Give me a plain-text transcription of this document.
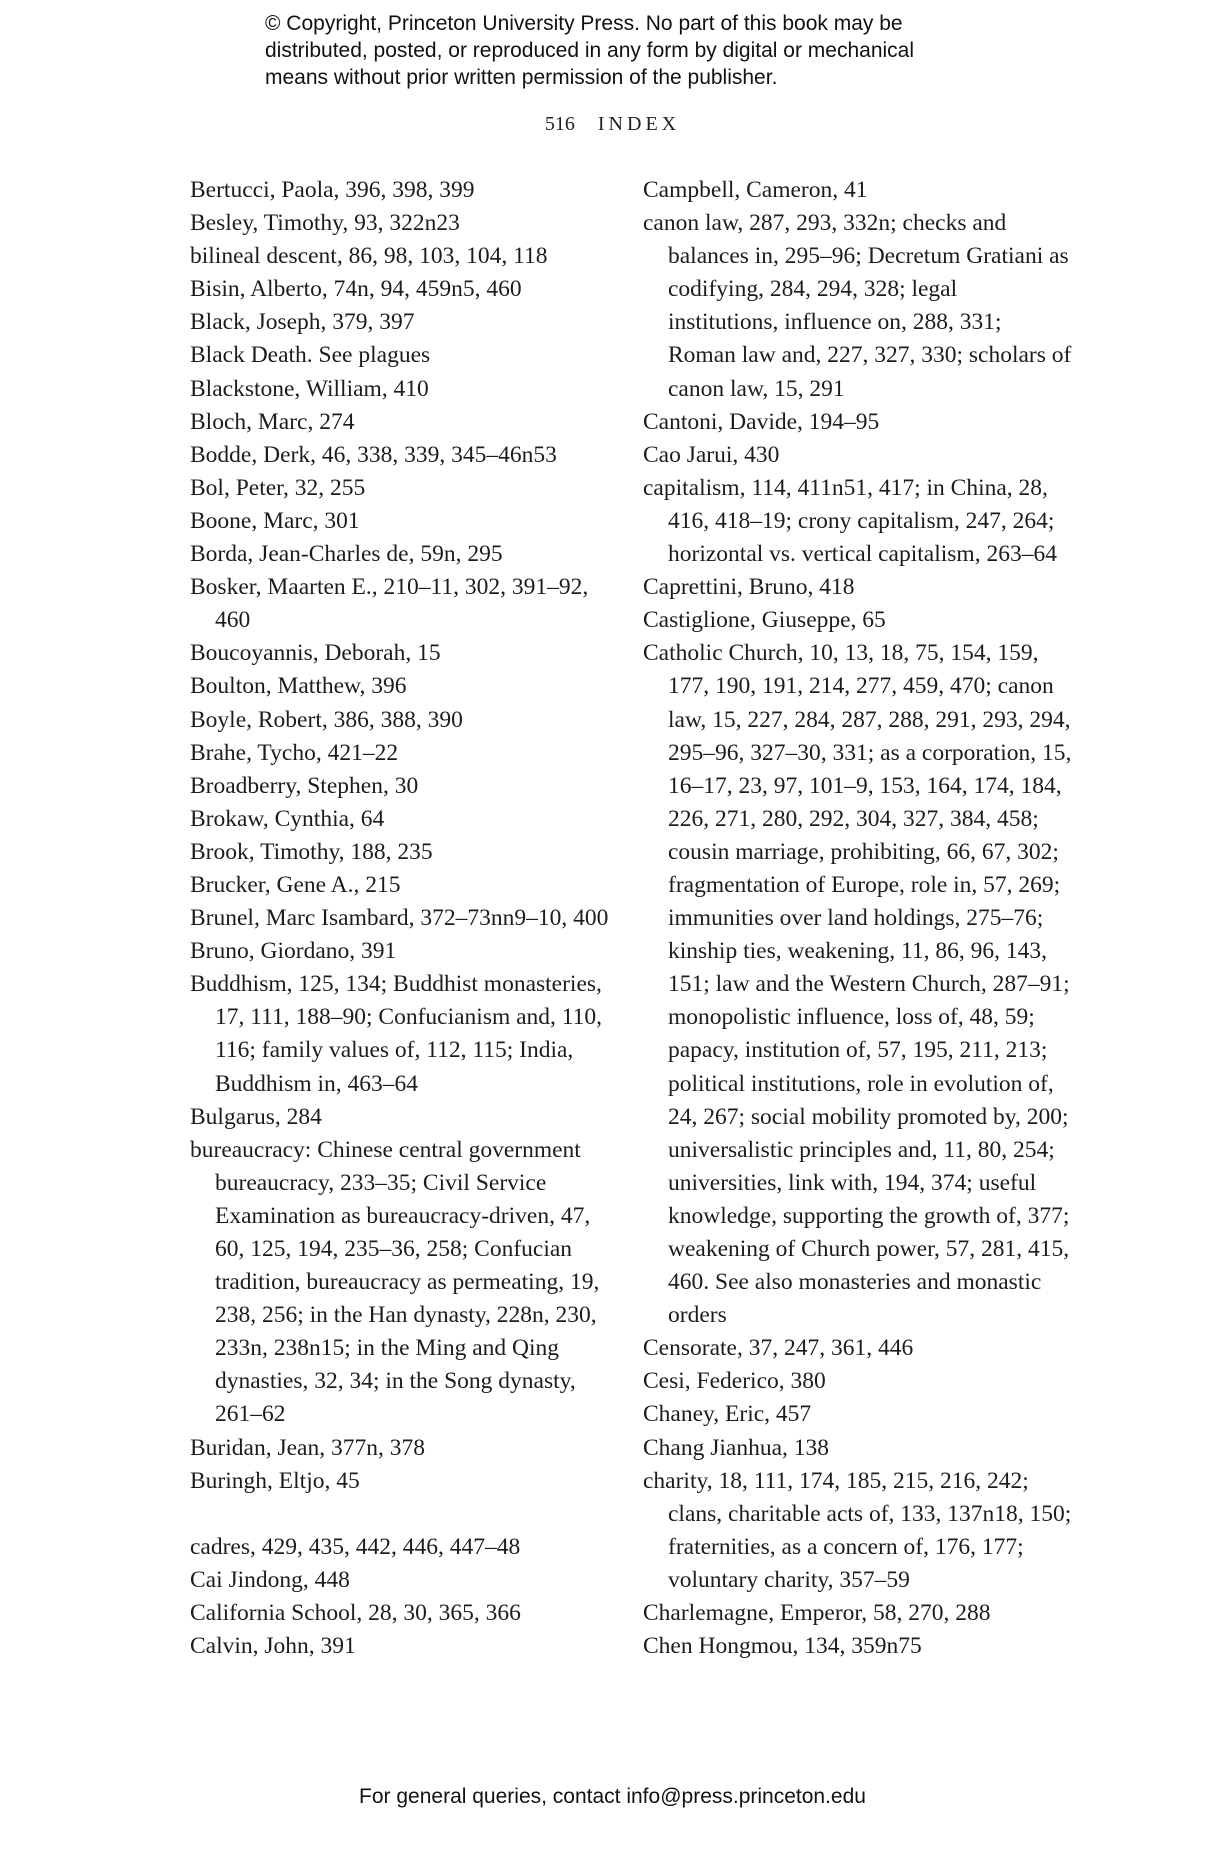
© Copyright, Princeton University Press. No part of this book may be
distributed, posted, or reproduced in any form by digital or mechanical
means without prior written permission of the publisher.
516 INDEX
Bertucci, Paola, 396, 398, 399
Besley, Timothy, 93, 322n23
bilineal descent, 86, 98, 103, 104, 118
Bisin, Alberto, 74n, 94, 459n5, 460
Black, Joseph, 379, 397
Black Death. See plagues
Blackstone, William, 410
Bloch, Marc, 274
Bodde, Derk, 46, 338, 339, 345–46n53
Bol, Peter, 32, 255
Boone, Marc, 301
Borda, Jean-Charles de, 59n, 295
Bosker, Maarten E., 210–11, 302, 391–92, 460
Boucoyannis, Deborah, 15
Boulton, Matthew, 396
Boyle, Robert, 386, 388, 390
Brahe, Tycho, 421–22
Broadberry, Stephen, 30
Brokaw, Cynthia, 64
Brook, Timothy, 188, 235
Brucker, Gene A., 215
Brunel, Marc Isambard, 372–73nn9–10, 400
Bruno, Giordano, 391
Buddhism, 125, 134; Buddhist monasteries, 17, 111, 188–90; Confucianism and, 110, 116; family values of, 112, 115; India, Buddhism in, 463–64
Bulgarus, 284
bureaucracy: Chinese central government bureaucracy, 233–35; Civil Service Examination as bureaucracy-driven, 47, 60, 125, 194, 235–36, 258; Confucian tradition, bureaucracy as permeating, 19, 238, 256; in the Han dynasty, 228n, 230, 233n, 238n15; in the Ming and Qing dynasties, 32, 34; in the Song dynasty, 261–62
Buridan, Jean, 377n, 378
Buringh, Eltjo, 45
cadres, 429, 435, 442, 446, 447–48
Cai Jindong, 448
California School, 28, 30, 365, 366
Calvin, John, 391
Campbell, Cameron, 41
canon law, 287, 293, 332n; checks and balances in, 295–96; Decretum Gratiani as codifying, 284, 294, 328; legal institutions, influence on, 288, 331; Roman law and, 227, 327, 330; scholars of canon law, 15, 291
Cantoni, Davide, 194–95
Cao Jarui, 430
capitalism, 114, 411n51, 417; in China, 28, 416, 418–19; crony capitalism, 247, 264; horizontal vs. vertical capitalism, 263–64
Caprettini, Bruno, 418
Castiglione, Giuseppe, 65
Catholic Church, 10, 13, 18, 75, 154, 159, 177, 190, 191, 214, 277, 459, 470; canon law, 15, 227, 284, 287, 288, 291, 293, 294, 295–96, 327–30, 331; as a corporation, 15, 16–17, 23, 97, 101–9, 153, 164, 174, 184, 226, 271, 280, 292, 304, 327, 384, 458; cousin marriage, prohibiting, 66, 67, 302; fragmentation of Europe, role in, 57, 269; immunities over land holdings, 275–76; kinship ties, weakening, 11, 86, 96, 143, 151; law and the Western Church, 287–91; monopolistic influence, loss of, 48, 59; papacy, institution of, 57, 195, 211, 213; political institutions, role in evolution of, 24, 267; social mobility promoted by, 200; universalistic principles and, 11, 80, 254; universities, link with, 194, 374; useful knowledge, supporting the growth of, 377; weakening of Church power, 57, 281, 415, 460. See also monasteries and monastic orders
Censorate, 37, 247, 361, 446
Cesi, Federico, 380
Chaney, Eric, 457
Chang Jianhua, 138
charity, 18, 111, 174, 185, 215, 216, 242; clans, charitable acts of, 133, 137n18, 150; fraternities, as a concern of, 176, 177; voluntary charity, 357–59
Charlemagne, Emperor, 58, 270, 288
Chen Hongmou, 134, 359n75
For general queries, contact info@press.princeton.edu
